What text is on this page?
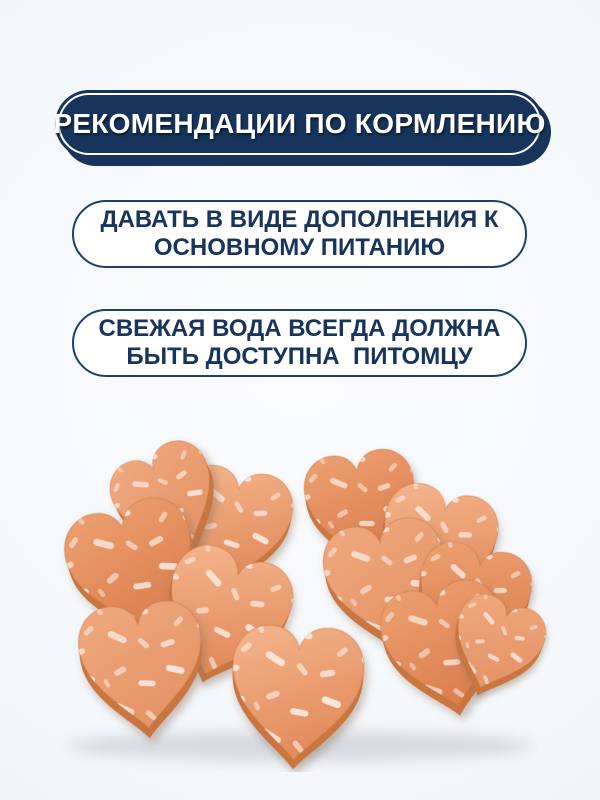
РЕКОМЕНДАЦИИ ПО КОРМЛЕНИЮ
ДАВАТЬ В ВИДЕ ДОПОЛНЕНИЯ К
ОСНОВНОМУ ПИТАНИЮ
СВЕЖАЯ ВОДА ВСЕГДА ДОЛЖНА
БЫТЬ ДОСТУПНА  ПИТОМЦУ
